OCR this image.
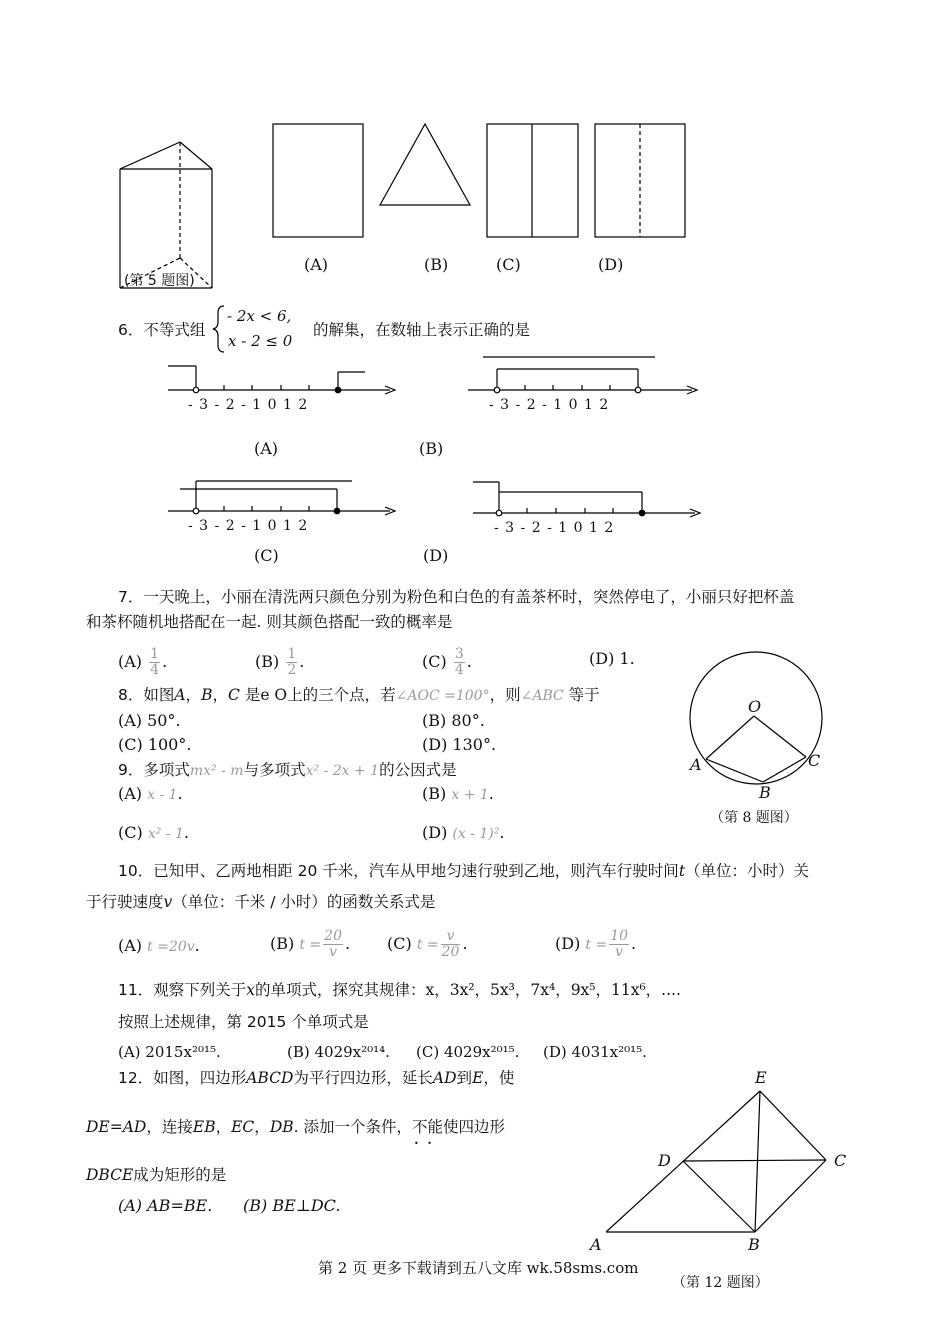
(第 5 题图)
(A)	(B)	(C)	(D)
6．不等式组
- 2x < 6,
x - 2 ≤ 0
的解集，在数轴上表示正确的是
- 3 - 2 - 1 0 1 2	- 3 - 2 - 1 0 1 2
- 3 - 2 - 1 0 1 2	- 3 - 2 - 1 0 1 2
(A)	(B)
(C)	(D)
7．一天晚上，小丽在清洗两只颜色分别为粉色和白色的有盖茶杯时，突然停电了，小丽只好把杯盖
和茶杯随机地搭配在一起. 则其颜色搭配一致的概率是
$(A) \frac{1}{4}$ .	$(B) \frac{1}{2}$ .	$(C) \frac{3}{4}$ .	(D) 1.
8．如图A，B，C 是e O上的三个点，若∠AOC =100°，则∠ABC 等于
(A) 50°.	(B) 80°.
(C) 100°.	(D) 130°.
O
A
B
C
（第 8 题图）
9．多项式mx² - m与多项式x² - 2x + 1的公因式是
(A) x - 1.	(B) x + 1.
(C) x² - 1.	(D) (x - 1)².
10．已知甲、乙两地相距 20 千米，汽车从甲地匀速行驶到乙地，则汽车行驶时间t（单位：小时）关
于行驶速度v（单位：千米 / 小时）的函数关系式是
(A) t =20v.	(B) $t = \frac{20}{v}$ . (C) $t = \frac{v}{20}$ .	(D) $t = \frac{10}{v}$ .
11．观察下列关于x的单项式，探究其规律：x，3x²，5x³，7x⁴，9x⁵，11x⁶，....
按照上述规律，第 2015 个单项式是
(A) 2015x²⁰¹⁵.	(B) 4029x²⁰¹⁴. (C) 4029x²⁰¹⁵. (D) 4031x²⁰¹⁵.
12．如图，四边形ABCD为平行四边形，延长AD到E，使
DE=AD，连接EB，EC，DB. 添加一个条件，不能 • •使四边形
DBCE成为矩形的是
(A) AB=BE. (B) BE⊥DC.
E
D	C
A	B
（第 12 题图）
第 2 页 更多下载请到五八文库 wk.58sms.com
